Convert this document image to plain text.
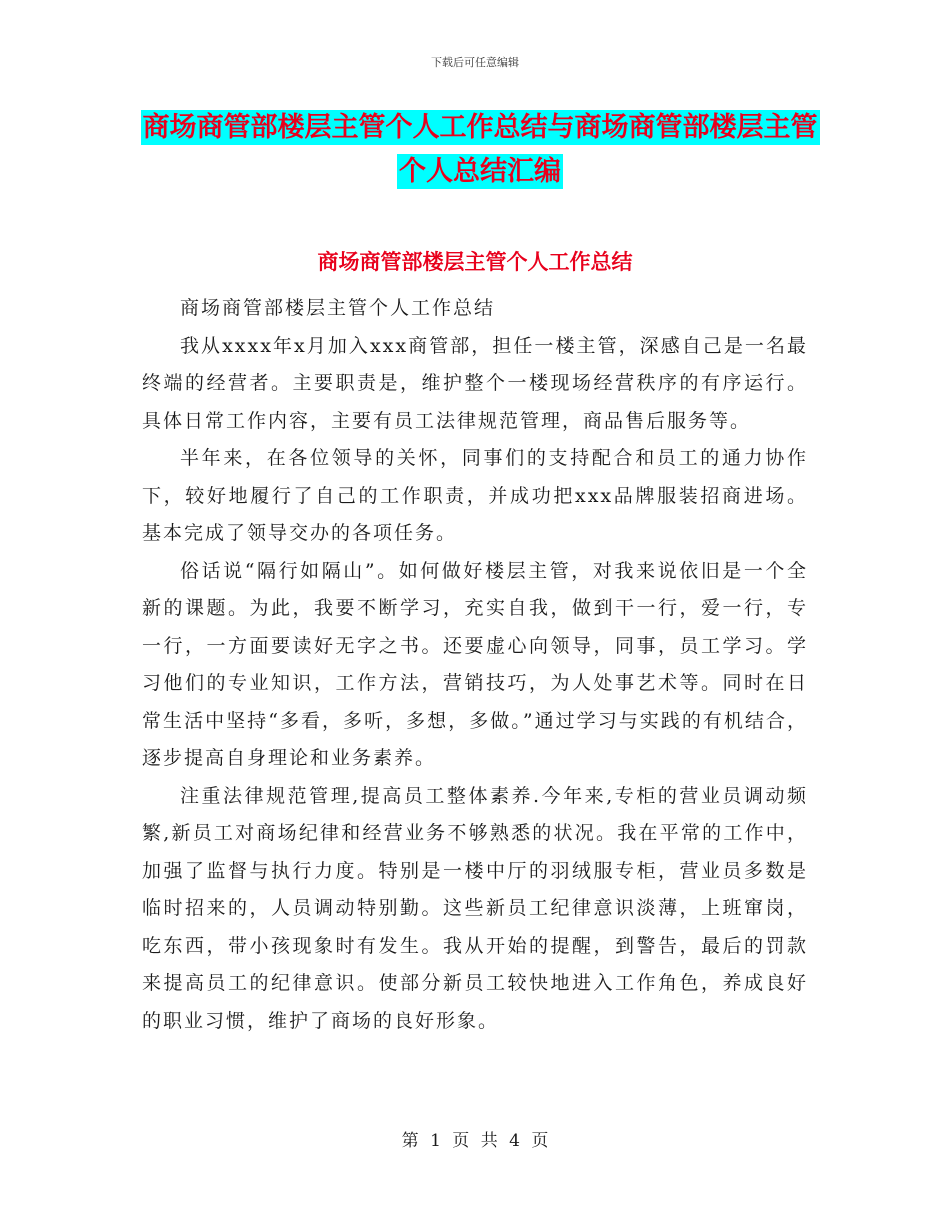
下载后可任意编辑
商场商管部楼层主管个人工作总结与商场商管部楼层主管个人总结汇编
商场商管部楼层主管个人工作总结

商场商管部楼层主管个人工作总结

我从xxxx年x月加入xxx商管部，担任一楼主管，深感自己是一名最终端的经营者。主要职责是，维护整个一楼现场经营秩序的有序运行。具体日常工作内容，主要有员工法律规范管理，商品售后服务等。

半年来，在各位领导的关怀，同事们的支持配合和员工的通力协作下，较好地履行了自己的工作职责，并成功把xxx品牌服装招商进场。基本完成了领导交办的各项任务。

俗话说“隔行如隔山”。如何做好楼层主管，对我来说依旧是一个全新的课题。为此，我要不断学习，充实自我，做到干一行，爱一行，专一行，一方面要读好无字之书。还要虚心向领导，同事，员工学习。学习他们的专业知识，工作方法，营销技巧，为人处事艺术等。同时在日常生活中坚持“多看，多听，多想，多做。”通过学习与实践的有机结合，逐步提高自身理论和业务素养。

注重法律规范管理,提高员工整体素养.今年来,专柜的营业员调动频繁,新员工对商场纪律和经营业务不够熟悉的状况。我在平常的工作中，加强了监督与执行力度。特别是一楼中厅的羽绒服专柜，营业员多数是临时招来的，人员调动特别勤。这些新员工纪律意识淡薄，上班窜岗，吃东西，带小孩现象时有发生。我从开始的提醒，到警告，最后的罚款来提高员工的纪律意识。使部分新员工较快地进入工作角色，养成良好的职业习惯，维护了商场的良好形象。

第 1 页 共 4 页
